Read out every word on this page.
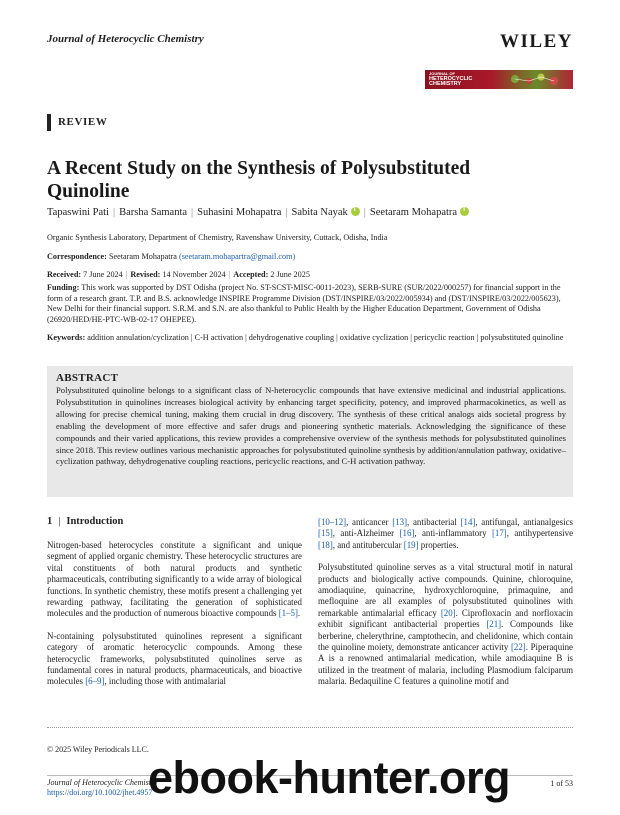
Journal of Heterocyclic Chemistry	WILEY
JOURNAL OF
HETEROCYCLIC
CHEMISTRY
REVIEW
A Recent Study on the Synthesis of Polysubstituted Quinoline
Tapaswini Pati | Barsha Samanta | Suhasini Mohapatra | Sabita Nayaki | Seetaram Mohapatrai
Organic Synthesis Laboratory, Department of Chemistry, Ravenshaw University, Cuttack, Odisha, India
Correspondence: Seetaram Mohapatra (seetaram.mohapartra@gmail.com)
Received: 7 June 2024 | Revised: 14 November 2024 | Accepted: 2 June 2025
Funding: This work was supported by DST Odisha (project No. ST-SCST-MISC-0011-2023), SERB-SURE (SUR/2022/000257) for financial support in the form of a research grant. T.P. and B.S. acknowledge INSPIRE Programme Division (DST/INSPIRE/03/2022/005934) and (DST/INSPIRE/03/2022/005623), New Delhi for their financial support. S.R.M. and S.N. are also thankful to Public Health by the Higher Education Department, Government of Odisha (26920/HED/HE-PTC-WB-02-17 OHEPEE).
Keywords: addition annulation/cyclization | C-H activation | dehydrogenative coupling | oxidative cyclization | pericyclic reaction | polysubstituted quinoline
ABSTRACT
Polysubstituted quinoline belongs to a significant class of N-heterocyclic compounds that have extensive medicinal and industrial applications. Polysubstitution in quinolines increases biological activity by enhancing target specificity, potency, and improved pharmacokinetics, as well as allowing for precise chemical tuning, making them crucial in drug discovery. The synthesis of these critical analogs aids societal progress by enabling the development of more effective and safer drugs and pioneering synthetic materials. Acknowledging the significance of these compounds and their varied applications, this review provides a comprehensive overview of the synthesis methods for polysubstituted quinolines since 2018. This review outlines various mechanistic approaches for polysubstituted quinoline synthesis by addition/annulation pathway, oxidative–cyclization pathway, dehydrogenative coupling reactions, pericyclic reactions, and C-H activation pathway.
1 | Introduction

Nitrogen-based heterocycles constitute a significant and unique segment of applied organic chemistry. These heterocyclic structures are vital constituents of both natural products and synthetic pharmaceuticals, contributing significantly to a wide array of biological functions. In synthetic chemistry, these motifs present a challenging yet rewarding pathway, facilitating the generation of sophisticated molecules and the production of numerous bioactive compounds [1–5].

N-containing polysubstituted quinolines represent a significant category of aromatic heterocyclic compounds. Among these heterocyclic frameworks, polysubstituted quinolines serve as fundamental cores in natural products, pharmaceuticals, and bioactive molecules [6–9], including those with antimalarial

[10–12], anticancer [13], antibacterial [14], antifungal, antianalgesics [15], anti-Alzheimer [16], anti-inflammatory [17], antihypertensive [18], and antitubercular [19] properties.

Polysubstituted quinoline serves as a vital structural motif in natural products and biologically active compounds. Quinine, chloroquine, amodiaquine, quinacrine, hydroxychloroquine, primaquine, and mefloquine are all examples of polysubstituted quinolines with remarkable antimalarial efficacy [20]. Ciprofloxacin and norfloxacin exhibit significant antibacterial properties [21]. Compounds like berberine, chelerythrine, camptothecin, and chelidonine, which contain the quinoline moiety, demonstrate anticancer activity [22]. Piperaquine A is a renowned antimalarial medication, while amodiaquine B is utilized in the treatment of malaria, including Plasmodium falciparum malaria. Bedaquiline C features a quinoline motif and

© 2025 Wiley Periodicals LLC.
Journal of Heterocyclic Chemistry
https://doi.org/10.1002/jhet.4957
1 of 53
ebook-hunter.org
